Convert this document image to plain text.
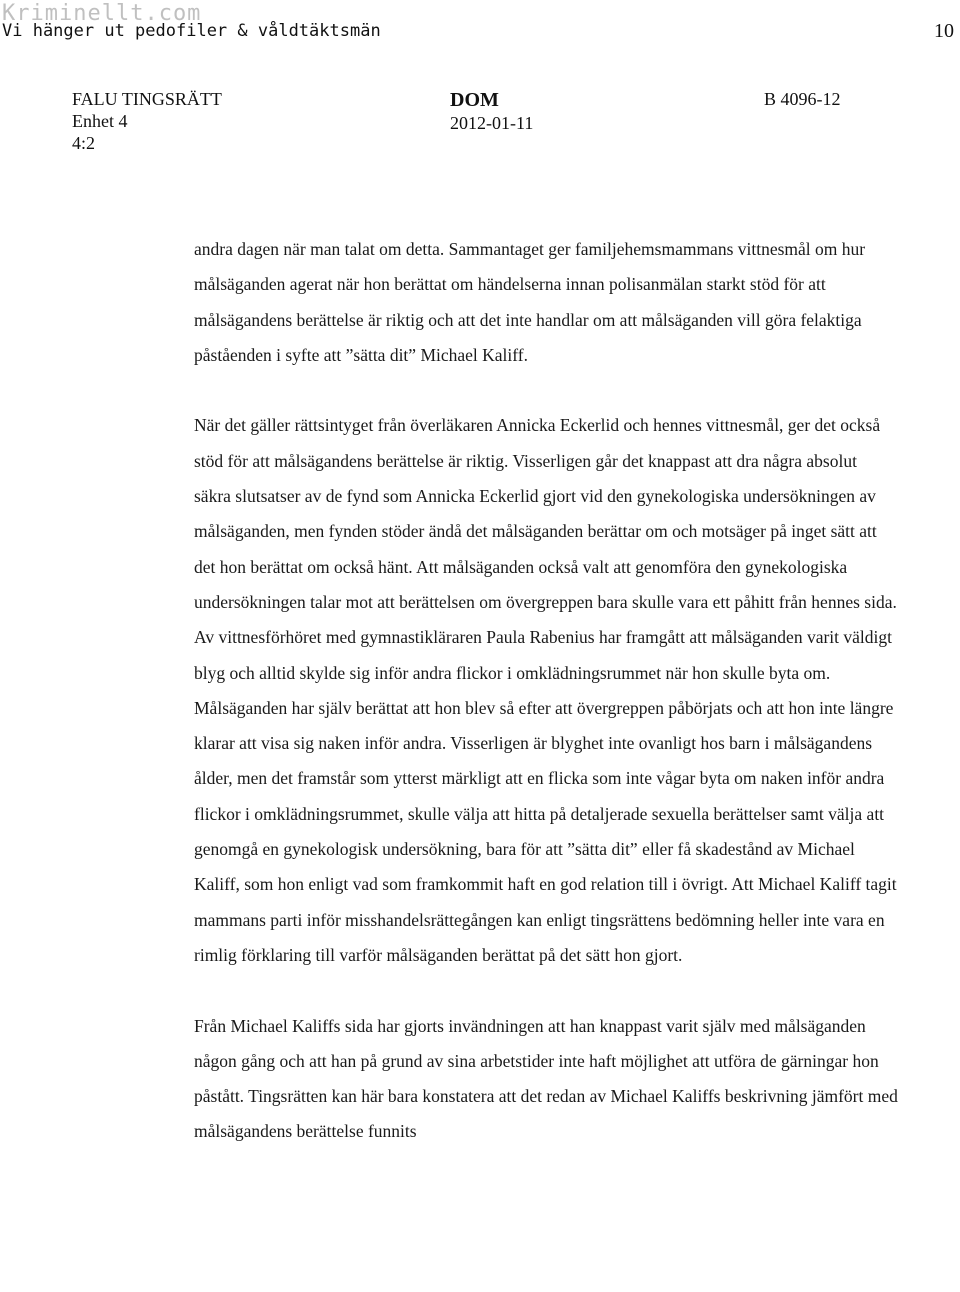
Kriminellt.com
Vi hänger ut pedofiler & våldtäktsmän	10
FALU TINGSRÄTT
Enhet 4
4:2
DOM
2012-01-11
B 4096-12

andra dagen när man talat om detta. Sammantaget ger familjehemsmammans vittnesmål om hur målsäganden agerat när hon berättat om händelserna innan polisanmälan starkt stöd för att målsägandens berättelse är riktig och att det inte handlar om att målsäganden vill göra felaktiga påståenden i syfte att ”sätta dit” Michael Kaliff.

När det gäller rättsintyget från överläkaren Annicka Eckerlid och hennes vittnesmål, ger det också stöd för att målsägandens berättelse är riktig. Visserligen går det knappast att dra några absolut säkra slutsatser av de fynd som Annicka Eckerlid gjort vid den gynekologiska undersökningen av målsäganden, men fynden stöder ändå det målsäganden berättar om och motsäger på inget sätt att det hon berättat om också hänt. Att målsäganden också valt att genomföra den gynekologiska undersökningen talar mot att berättelsen om övergreppen bara skulle vara ett påhitt från hennes sida. Av vittnesförhöret med gymnastikläraren Paula Rabenius har framgått att målsäganden varit väldigt blyg och alltid skylde sig inför andra flickor i omklädningsrummet när hon skulle byta om. Målsäganden har själv berättat att hon blev så efter att övergreppen påbörjats och att hon inte längre klarar att visa sig naken inför andra. Visserligen är blyghet inte ovanligt hos barn i målsägandens ålder, men det framstår som ytterst märkligt att en flicka som inte vågar byta om naken inför andra flickor i omklädningsrummet, skulle välja att hitta på detaljerade sexuella berättelser samt välja att genomgå en gynekologisk undersökning, bara för att ”sätta dit” eller få skadestånd av Michael Kaliff, som hon enligt vad som framkommit haft en god relation till i övrigt. Att Michael Kaliff tagit mammans parti inför misshandelsrättegången kan enligt tingsrättens bedömning heller inte vara en rimlig förklaring till varför målsäganden berättat på det sätt hon gjort.

Från Michael Kaliffs sida har gjorts invändningen att han knappast varit själv med målsäganden någon gång och att han på grund av sina arbetstider inte haft möjlighet att utföra de gärningar hon påstått. Tingsrätten kan här bara konstatera att det redan av Michael Kaliffs beskrivning jämfört med målsägandens berättelse funnits
